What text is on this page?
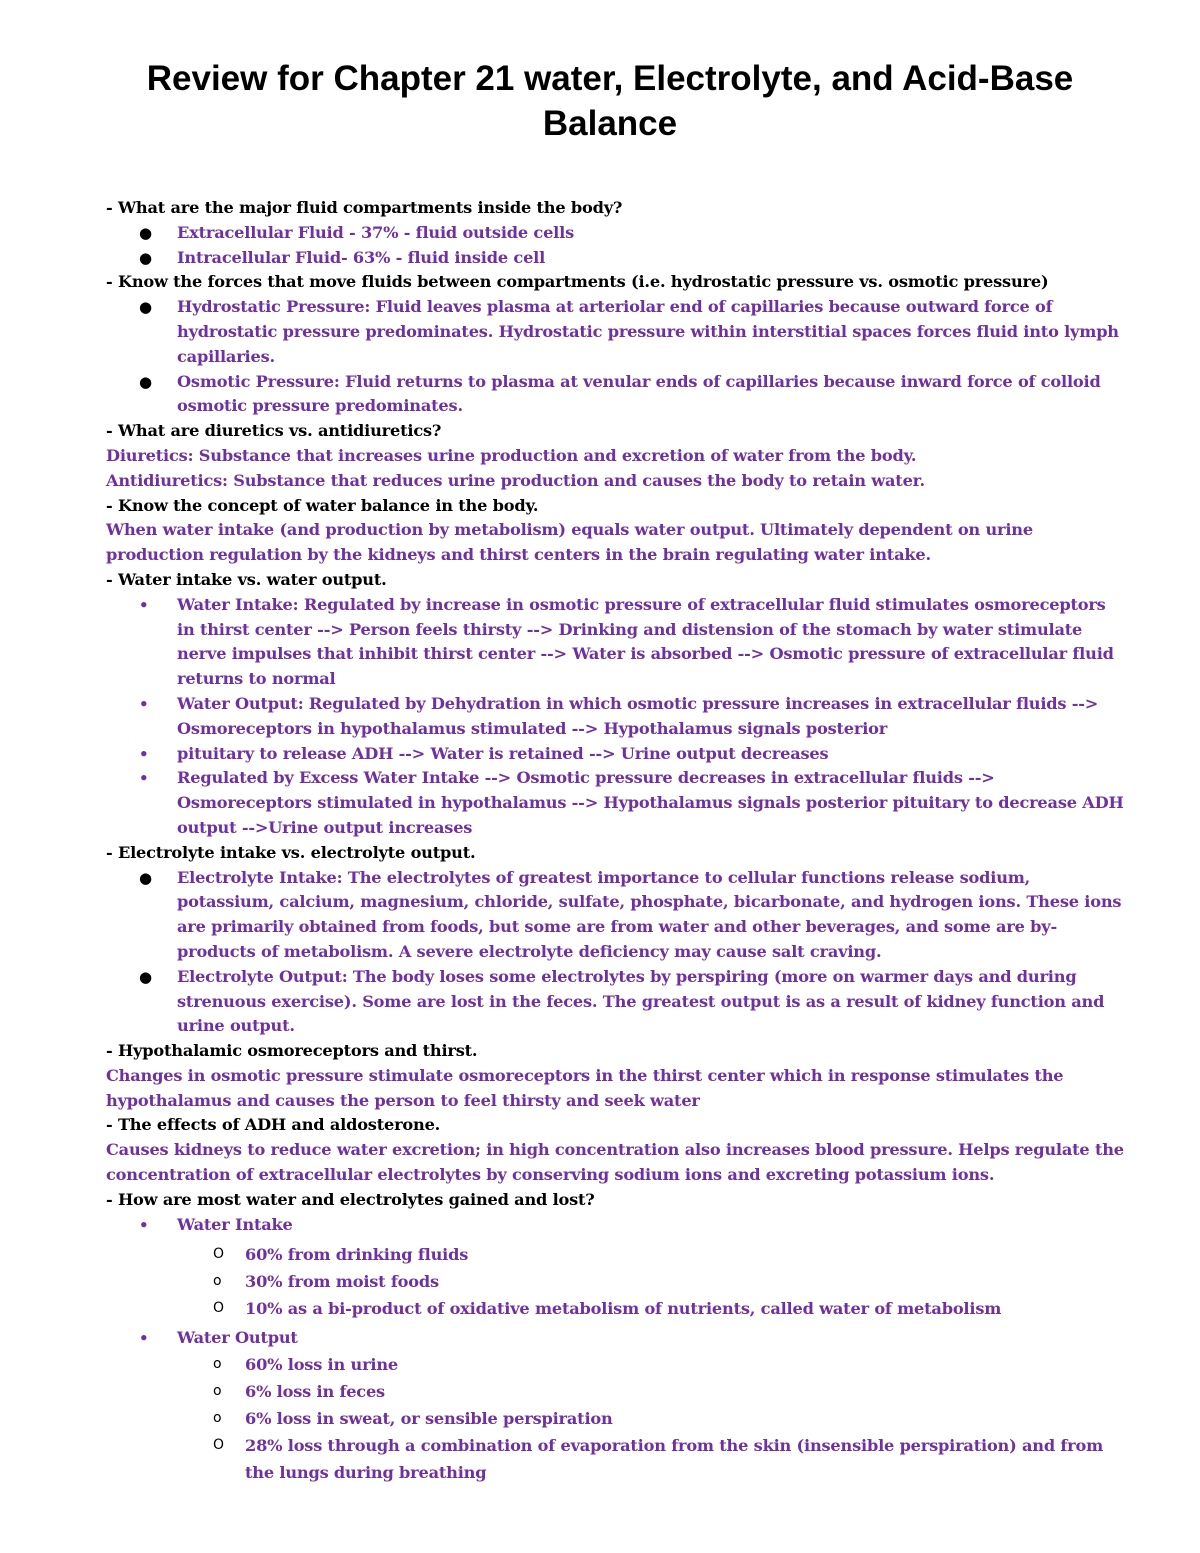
Review for Chapter 21 water, Electrolyte, and Acid-Base Balance

- What are the major fluid compartments inside the body?

● Extracellular Fluid - 37% - fluid outside cells
● Intracellular Fluid- 63% - fluid inside cell

- Know the forces that move fluids between compartments (i.e. hydrostatic pressure vs. osmotic pressure)

● Hydrostatic Pressure: Fluid leaves plasma at arteriolar end of capillaries because outward force of hydrostatic pressure predominates. Hydrostatic pressure within interstitial spaces forces fluid into lymph capillaries.
● Osmotic Pressure: Fluid returns to plasma at venular ends of capillaries because inward force of colloid osmotic pressure predominates.

- What are diuretics vs. antidiuretics?

Diuretics: Substance that increases urine production and excretion of water from the body.

Antidiuretics: Substance that reduces urine production and causes the body to retain water.

- Know the concept of water balance in the body.

When water intake (and production by metabolism) equals water output. Ultimately dependent on urine production regulation by the kidneys and thirst centers in the brain regulating water intake.

- Water intake vs. water output.

• Water Intake: Regulated by increase in osmotic pressure of extracellular fluid stimulates osmoreceptors in thirst center --> Person feels thirsty --> Drinking and distension of the stomach by water stimulate nerve impulses that inhibit thirst center --> Water is absorbed --> Osmotic pressure of extracellular fluid returns to normal
• Water Output: Regulated by Dehydration in which osmotic pressure increases in extracellular fluids --> Osmoreceptors in hypothalamus stimulated --> Hypothalamus signals posterior
• pituitary to release ADH --> Water is retained --> Urine output decreases
• Regulated by Excess Water Intake --> Osmotic pressure decreases in extracellular fluids --> Osmoreceptors stimulated in hypothalamus --> Hypothalamus signals posterior pituitary to decrease ADH output -->Urine output increases

- Electrolyte intake vs. electrolyte output.

● Electrolyte Intake: The electrolytes of greatest importance to cellular functions release sodium, potassium, calcium, magnesium, chloride, sulfate, phosphate, bicarbonate, and hydrogen ions. These ions are primarily obtained from foods, but some are from water and other beverages, and some are by- products of metabolism. A severe electrolyte deficiency may cause salt craving.
● Electrolyte Output: The body loses some electrolytes by perspiring (more on warmer days and during strenuous exercise). Some are lost in the feces. The greatest output is as a result of kidney function and urine output.

- Hypothalamic osmoreceptors and thirst.

Changes in osmotic pressure stimulate osmoreceptors in the thirst center which in response stimulates the hypothalamus and causes the person to feel thirsty and seek water

- The effects of ADH and aldosterone.

Causes kidneys to reduce water excretion; in high concentration also increases blood pressure. Helps regulate the concentration of extracellular electrolytes by conserving sodium ions and excreting potassium ions.

- How are most water and electrolytes gained and lost?

• Water Intake
O 60% from drinking fluids
o 30% from moist foods
O 10% as a bi-product of oxidative metabolism of nutrients, called water of metabolism
• Water Output
o 60% loss in urine
o 6% loss in feces
o 6% loss in sweat, or sensible perspiration
O 28% loss through a combination of evaporation from the skin (insensible perspiration) and from the lungs during breathing
